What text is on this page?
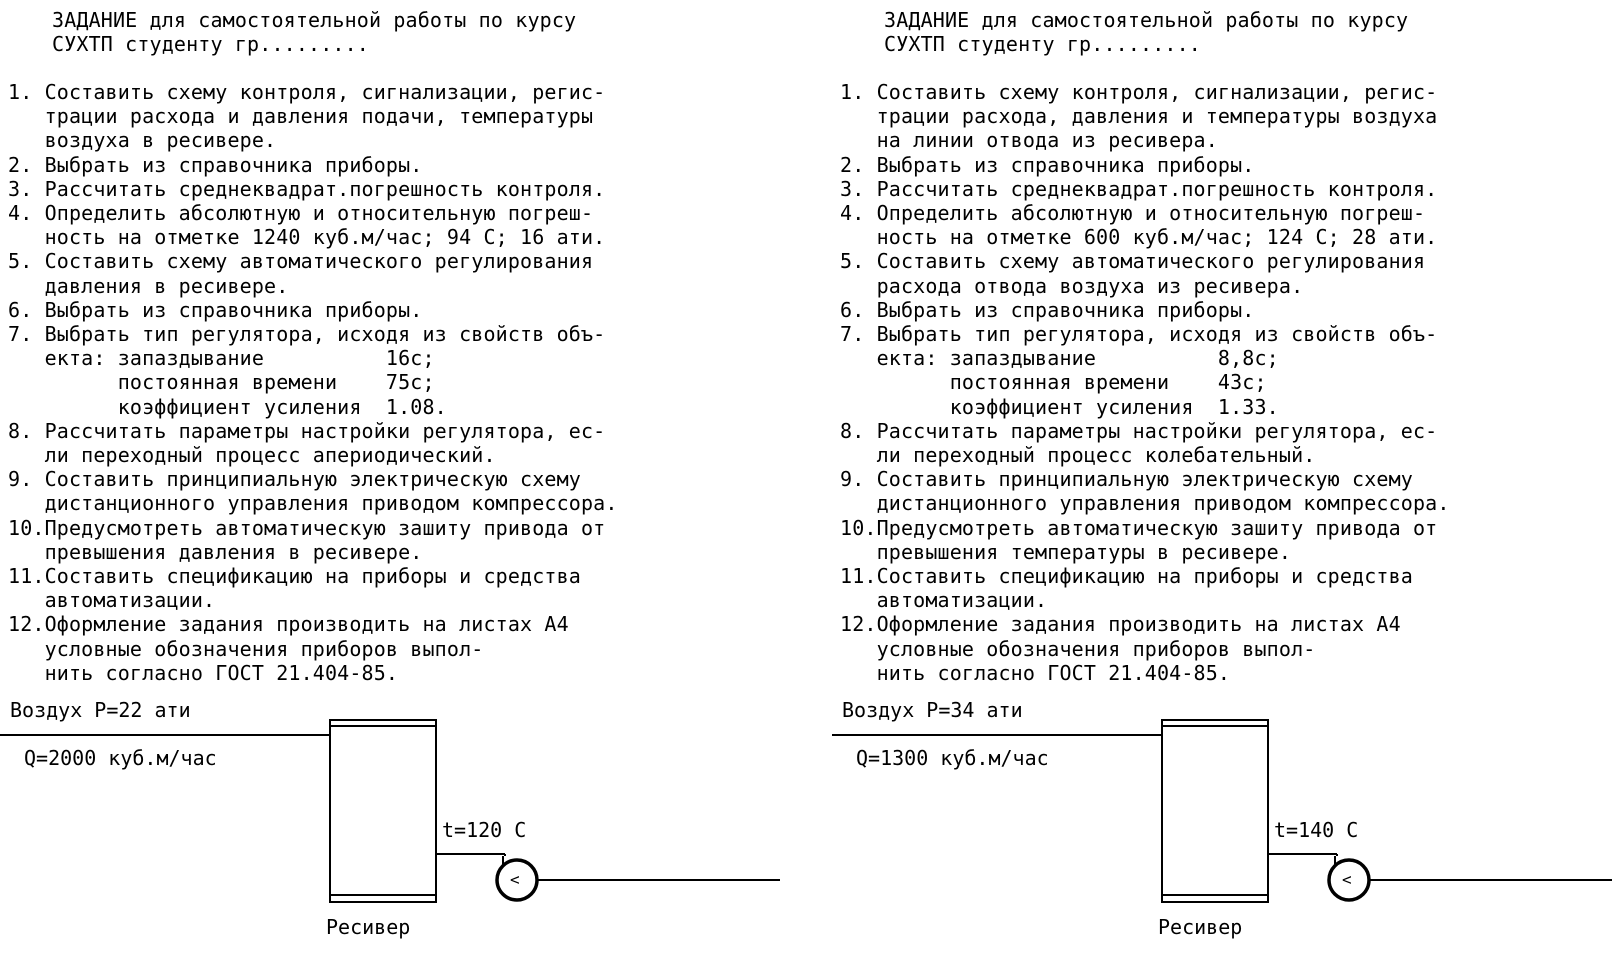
ЗАДАНИЕ для самостоятельной работы по курсу
СУХТП студенту гр.........
1. Составить схему контроля, сигнализации, регис-
трации расхода и давления подачи, температуры
воздуха в ресивере.
2. Выбрать из справочника приборы.
3. Рассчитать среднеквадрат.погрешность контроля.
4. Определить абсолютную и относительную погреш-
ность на отметке 1240 куб.м/час; 94 С; 16 ати.
5. Составить схему автоматического регулирования
давления в ресивере.
6. Выбрать из справочника приборы.
7. Выбрать тип регулятора, исходя из свойств объ-
екта: запаздывание          16с;
постоянная времени    75с;
коэффициент усиления  1.08.
8. Рассчитать параметры настройки регулятора, ес-
ли переходный процесс апериодический.
9. Составить принципиальную электрическую схему
дистанционного управления приводом компрессора.
10.Предусмотреть автоматическую зашиту привода от
превышения давления в ресивере.
11.Составить спецификацию на приборы и средства
автоматизации.
12.Оформление задания производить на листах А4
условные обозначения приборов выпол-
нить согласно ГОСТ 21.404-85.
Воздух Р=22 ати
Q=2000 куб.м/час
t=120 С
<
Ресивер
ЗАДАНИЕ для самостоятельной работы по курсу
СУХТП студенту гр.........
1. Составить схему контроля, сигнализации, регис-
трации расхода, давления и температуры воздуха
на линии отвода из ресивера.
2. Выбрать из справочника приборы.
3. Рассчитать среднеквадрат.погрешность контроля.
4. Определить абсолютную и относительную погреш-
ность на отметке 600 куб.м/час; 124 С; 28 ати.
5. Составить схему автоматического регулирования
расхода отвода воздуха из ресивера.
6. Выбрать из справочника приборы.
7. Выбрать тип регулятора, исходя из свойств объ-
екта: запаздывание          8,8с;
постоянная времени    43с;
коэффициент усиления  1.33.
8. Рассчитать параметры настройки регулятора, ес-
ли переходный процесс колебательный.
9. Составить принципиальную электрическую схему
дистанционного управления приводом компрессора.
10.Предусмотреть автоматическую зашиту привода от
превышения температуры в ресивере.
11.Составить спецификацию на приборы и средства
автоматизации.
12.Оформление задания производить на листах А4
условные обозначения приборов выпол-
нить согласно ГОСТ 21.404-85.
Воздух Р=34 ати
Q=1300 куб.м/час
t=140 С
<
Ресивер
